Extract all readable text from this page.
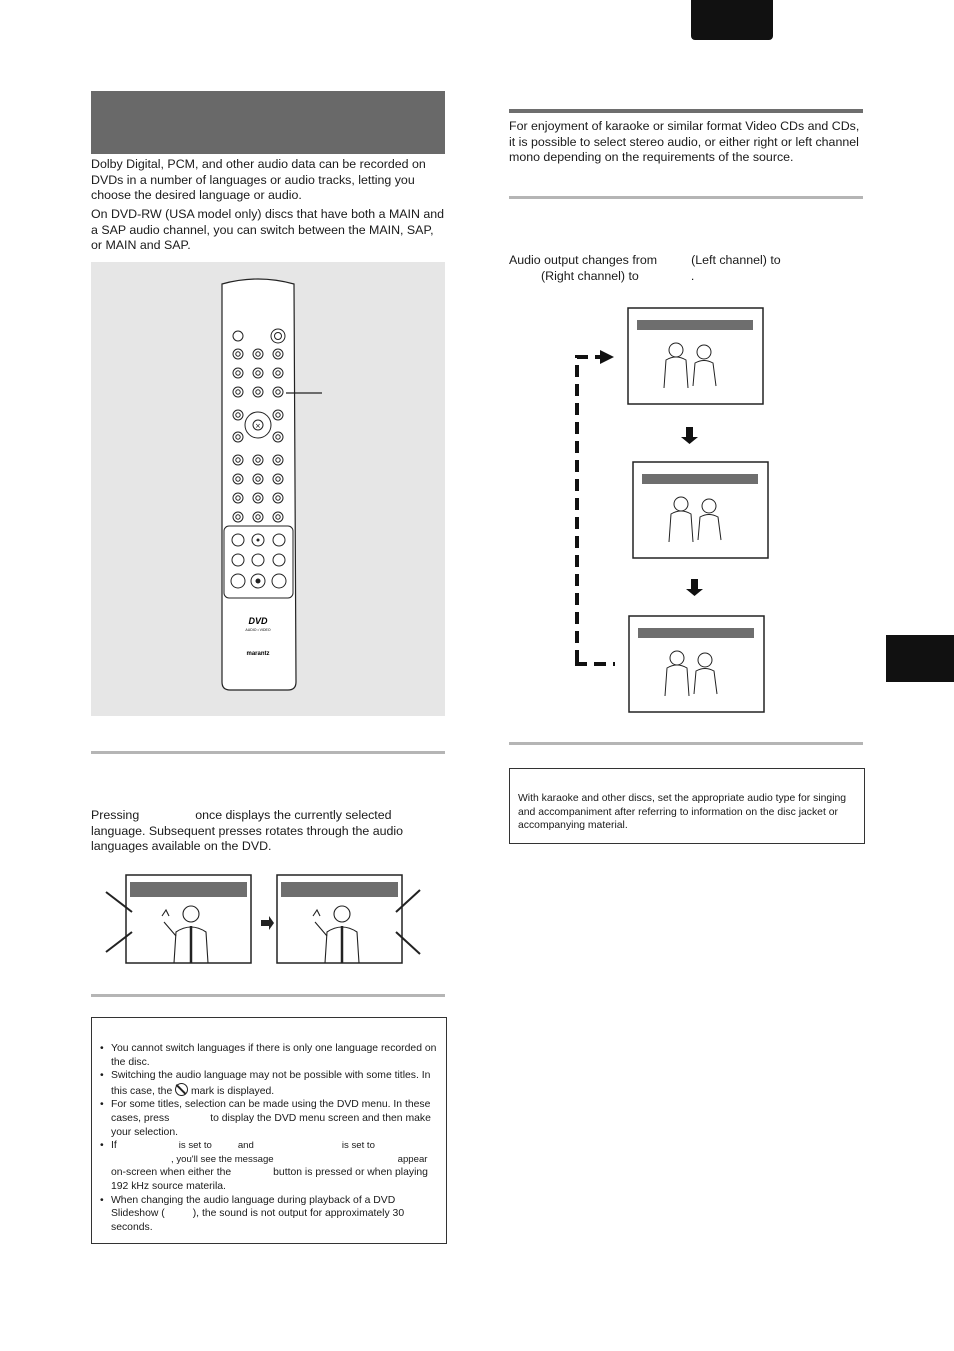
Dolby Digital, PCM, and other audio data can be recorded on DVDs in a number of languages or audio tracks, letting you choose the desired language or audio.

On DVD-RW (USA model only) discs that have both a MAIN and a SAP audio channel, you can switch between the MAIN, SAP, or MAIN and SAP.

×
DVD
AUDIO • VIDEO
marantz

Pressing	once displays the currently selected language. Subsequent presses rotates through the audio languages available on the DVD.

• You cannot switch languages if there is only one language recorded on the disc.
• Switching the audio language may not be possible with some titles. In this case, the mark is displayed.
• For some titles, selection can be made using the DVD menu. In these cases, press	to display the DVD menu screen and then make your selection.
• If	is set to	and	is set to
, you'll see the message	appear
on-screen when either the	button is pressed or when playing 192 kHz source materila.
• When changing the audio language during playback of a DVD Slideshow (	), the sound is not output for approximately 30 seconds.

For enjoyment of karaoke or similar format Video CDs and CDs, it is possible to select stereo audio, or either right or left channel mono depending on the requirements of the source.

Audio output changes from	(Left channel) to
(Right channel) to	.

With karaoke and other discs, set the appropriate audio type for singing and accompaniment after referring to information on the disc jacket or accompanying material.
